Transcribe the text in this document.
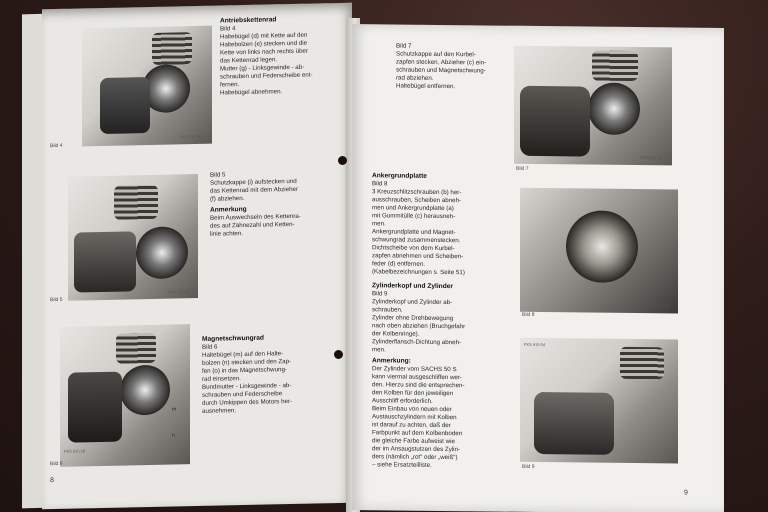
FKS 915 56
Bild 4
Antriebskettenrad

Bild 4

Haltebügel (d) mit Kette auf den

Haltebolzen (e) stecken und die

Kette von links nach rechts über

das Kettenrad legen.

Mutter (g) - Linksgewinde - ab-

schrauben und Federscheibe ent-

fernen.

Haltebügel abnehmen.

FKS 915 58
Bild 5

Bild 5

Schutzkappe (i) aufstecken und

das Kettenrad mit dem Abzieher

(f) abziehen.

Anmerkung

Beim Auswechseln des Kettenra-

des auf Zähnezahl und Ketten-

linie achten.

m
n
FKS 915 58
Bild 6
Magnetschwungrad

Bild 6

Haltebügel (m) auf den Halte-

bolzen (n) stecken und den Zap-

fen (o) in das Magnetschwung-

rad einsetzen.

Bundmutter - Linksgewinde - ab-

schrauben und Federscheibe

durch Umkippen des Motors her-

ausnehmen.

8

Bild 7

Schutzkappe auf den Kurbel-

zapfen stecken, Abzieher (c) ein-

schrauben und Magnetschwung-

rad abziehen.

Haltebügel entfernen.

FKS 915 58
Bild 7
Ankergrundplatte

Bild 8

3 Kreuzschlitzschrauben (b) her-

ausschrauben, Scheiben abneh-

men und Ankergrundplatte (a)

mit Gummitülle (c) herausneh-

men.

Ankergrundplatte und Magnet-

schwungrad zusammenstecken.

Dichtscheibe von dem Kurbel-

zapfen abnehmen und Scheiben-

feder (d) entfernen.

(Kabelbezeichnungen s. Seite 51)

FKS 915 59
Bild 8
Zylinderkopf und Zylinder

Bild 9

Zylinderkopf und Zylinder ab-

schrauben.

Zylinder ohne Drehbewegung

nach oben abziehen (Bruchgefahr

der Kolbenringe).

Zylinderflansch-Dichtung abneh-

men.

Anmerkung:

Der Zylinder vom SACHS 50 S

kann viermal ausgeschliffen wer-

den. Hierzu sind die entsprechen-

den Kolben für den jeweiligen

Ausschliff erforderlich.

Beim Einbau von neuen oder

Austauschzylindern mit Kolben

ist darauf zu achten, daß der

Farbpunkt auf dem Kolbenboden

die gleiche Farbe aufweist wie

der im Ansaugstutzen des Zylin-

ders (nämlich „rot" oder „weiß")

– siehe Ersatzteilliste.

FKS 915 54
Bild 9
9
